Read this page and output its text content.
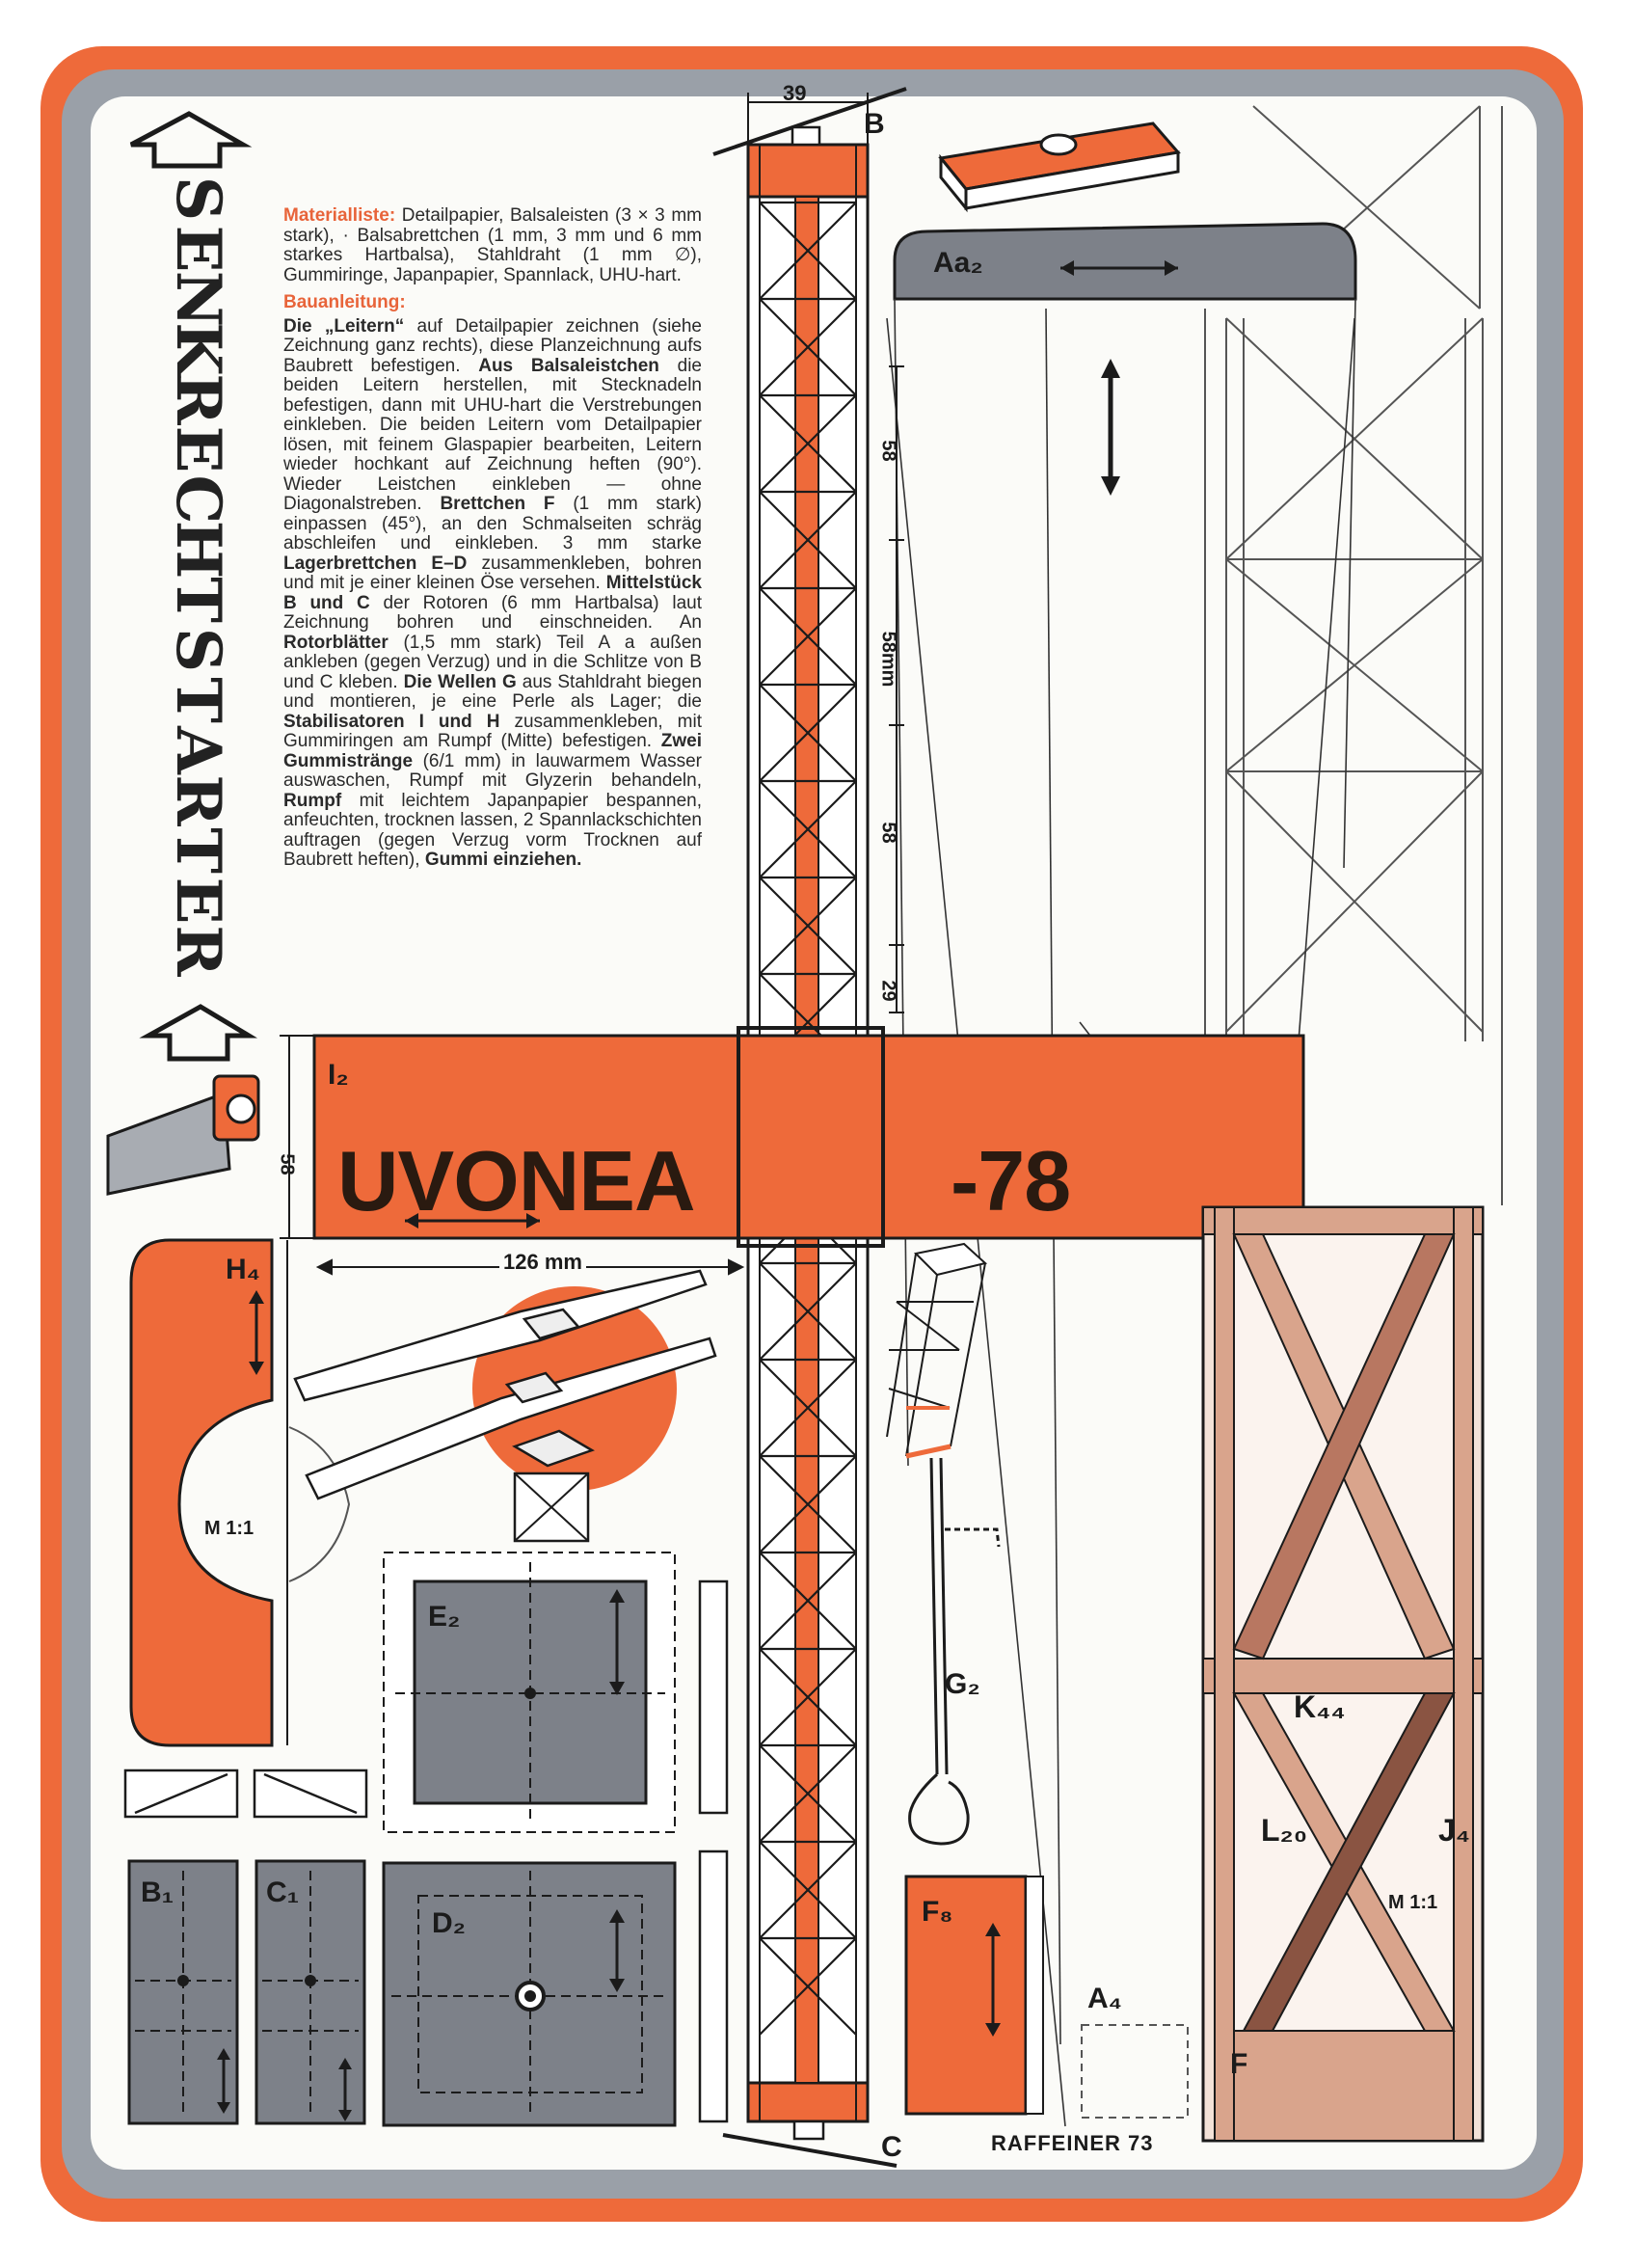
S
E
N
K
R
E
C
H
T
S
T
A
R
T
E
R

Materialliste: Detailpapier, Balsaleisten (3 × 3 mm stark), · Balsabrettchen (1 mm, 3 mm und 6 mm starkes Hartbalsa), Stahldraht (1 mm ∅), Gummiringe, Japanpapier, Spannlack, UHU-hart.

Bauanleitung:

Die „Leitern“ auf Detailpapier zeichnen (siehe Zeichnung ganz rechts), diese Planzeichnung aufs Baubrett befestigen. Aus Balsaleistchen die beiden Leitern herstellen, mit Stecknadeln befestigen, dann mit UHU-hart die Verstrebungen einkleben. Die beiden Leitern vom Detailpapier lösen, mit feinem Glaspapier bearbeiten, Leitern wieder hochkant auf Zeichnung heften (90°). Wieder Leistchen einkleben — ohne Diagonalstreben. Brettchen F (1 mm stark) einpassen (45°), an den Schmalseiten schräg abschleifen und einkleben. 3 mm starke Lagerbrettchen E–D zusammenkleben, bohren und mit je einer kleinen Öse versehen. Mittelstück B und C der Rotoren (6 mm Hartbalsa) laut Zeichnung bohren und einschneiden. An Rotorblätter (1,5 mm stark) Teil A a außen ankleben (gegen Verzug) und in die Schlitze von B und C kleben. Die Wellen G aus Stahldraht biegen und montieren, je eine Perle als Lager; die Stabilisatoren I und H zusammenkleben, mit Gummiringen am Rumpf (Mitte) befestigen. Zwei Gummistränge (6/1 mm) in lauwarmem Wasser auswaschen, Rumpf mit Glyzerin behandeln, Rumpf mit leichtem Japanpapier bespannen, anfeuchten, trocknen lassen, 2 Spannlackschichten auftragen (gegen Verzug vorm Trocknen auf Baubrett heften), Gummi einziehen.

Aa₂
I₂
H₄
E₂
D₂
B₁	C₁
G₂
F₈
A₄
K₄₄
L₂₀	J₄
B
C
F
M 1:1
M 1:1
UVONEA	-78
39
58
58mm
58
29
58
126 mm
RAFFEINER 73
